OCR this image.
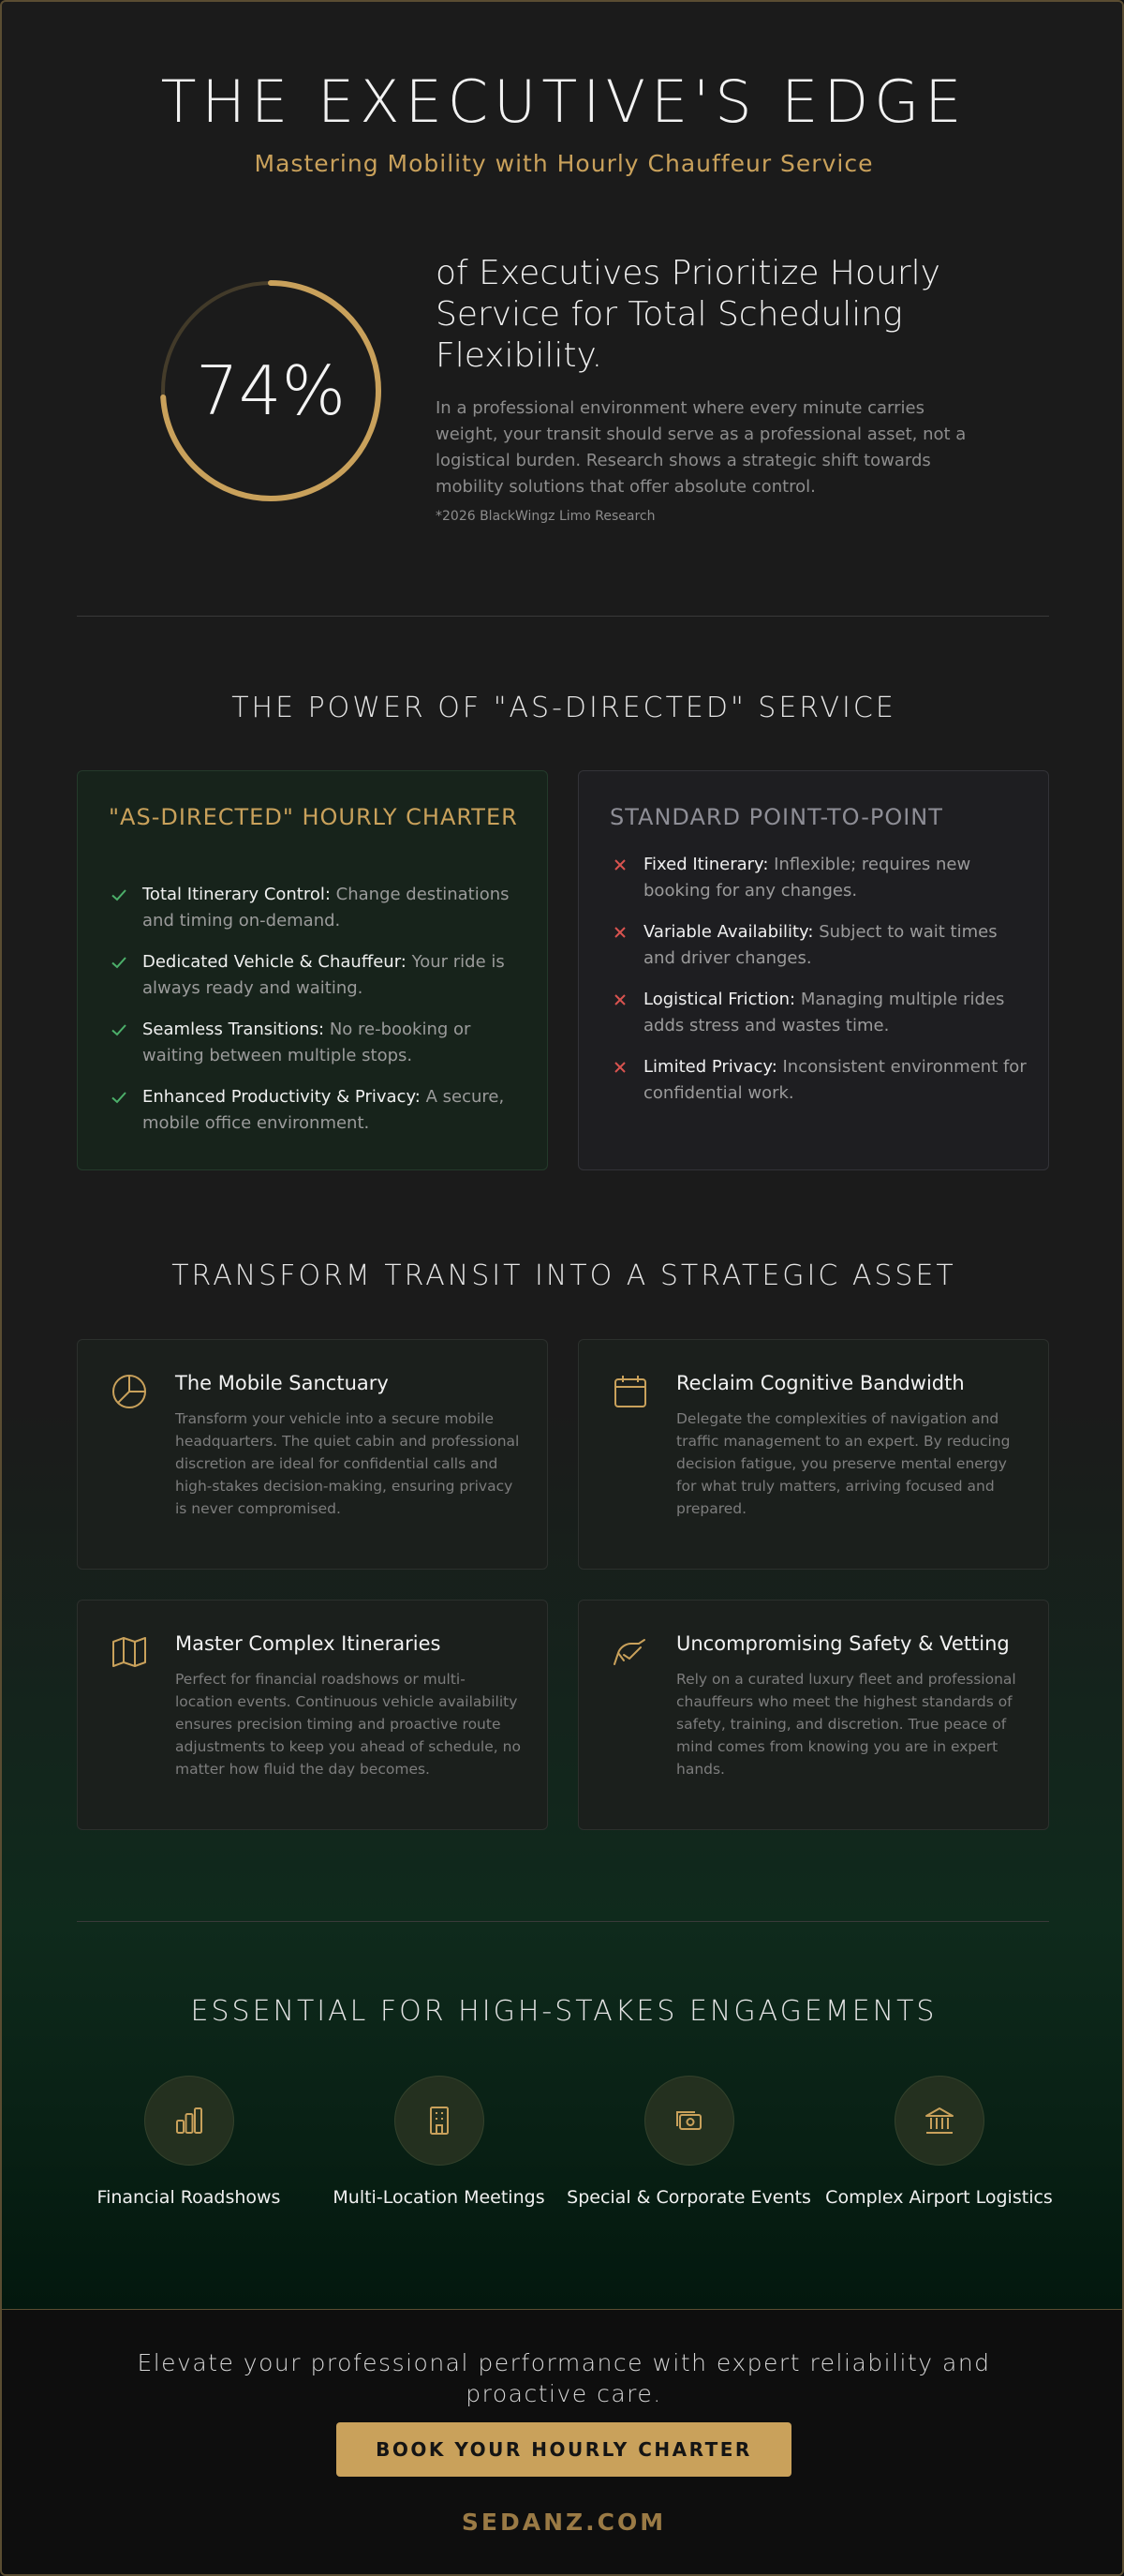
THE EXECUTIVE'S EDGE
Mastering Mobility with Hourly Chauffeur Service
74%
of Executives Prioritize Hourly Service for Total Scheduling Flexibility.
In a professional environment where every minute carries weight, your transit should serve as a professional asset, not a logistical burden. Research shows a strategic shift towards mobility solutions that offer absolute control.
*2026 BlackWingz Limo Research
THE POWER OF "AS-DIRECTED" SERVICE
"AS-DIRECTED" HOURLY CHARTER
Total Itinerary Control: Change destinations and timing on-demand.
Dedicated Vehicle & Chauffeur: Your ride is always ready and waiting.
Seamless Transitions: No re-booking or waiting between multiple stops.
Enhanced Productivity & Privacy: A secure, mobile office environment.
STANDARD POINT-TO-POINT
Fixed Itinerary: Inflexible; requires new booking for any changes.
Variable Availability: Subject to wait times and driver changes.
Logistical Friction: Managing multiple rides adds stress and wastes time.
Limited Privacy: Inconsistent environment for confidential work.
TRANSFORM TRANSIT INTO A STRATEGIC ASSET
The Mobile Sanctuary
Transform your vehicle into a secure mobile headquarters. The quiet cabin and professional discretion are ideal for confidential calls and high-stakes decision-making, ensuring privacy is never compromised.
Reclaim Cognitive Bandwidth
Delegate the complexities of navigation and traffic management to an expert. By reducing decision fatigue, you preserve mental energy for what truly matters, arriving focused and prepared.
Master Complex Itineraries
Perfect for financial roadshows or multi-location events. Continuous vehicle availability ensures precision timing and proactive route adjustments to keep you ahead of schedule, no matter how fluid the day becomes.
Uncompromising Safety & Vetting
Rely on a curated luxury fleet and professional chauffeurs who meet the highest standards of safety, training, and discretion. True peace of mind comes from knowing you are in expert hands.
ESSENTIAL FOR HIGH-STAKES ENGAGEMENTS
Financial Roadshows	Multi-Location Meetings	Special & Corporate Events Complex Airport Logistics
Elevate your professional performance with expert reliability and proactive care.
BOOK YOUR HOURLY CHARTER
SEDANZ.COM
